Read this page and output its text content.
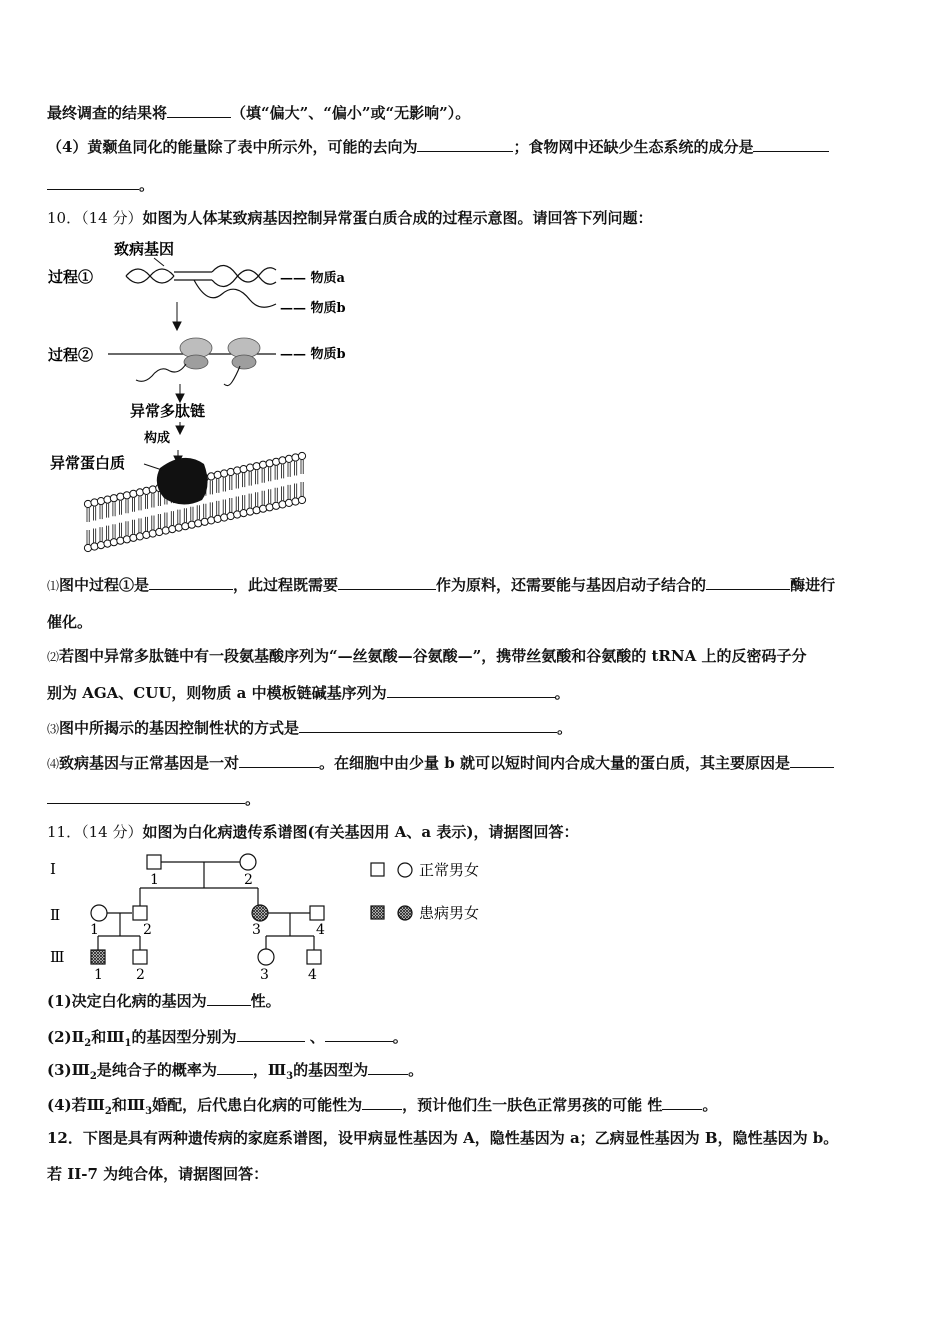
最终调查的结果将	（填“偏大”、“偏小”或“无影响”）。
（4）黄颡鱼同化的能量除了表中所示外，可能的去向为	；食物网中还缺少生态系统的成分是
。
10．（14 分）如图为人体某致病基因控制异常蛋白质合成的过程示意图。请回答下列问题：
致病基因
过程①
过程②
—— 物质a
—— 物质b
—— 物质b
异常多肽链
构成
异常蛋白质
⑴图中过程①是	，此过程既需要	作为原料，还需要能与基因启动子结合的	酶进行
催化。
⑵若图中异常多肽链中有一段氨基酸序列为“—丝氨酸—谷氨酸—”，携带丝氨酸和谷氨酸的 tRNA 上的反密码子分
别为 AGA、CUU，则物质 a 中模板链碱基序列为	。
⑶图中所揭示的基因控制性状的方式是	。
⑷致病基因与正常基因是一对	。在细胞中由少量 b 就可以短时间内合成大量的蛋白质，其主要原因是
。
11．（14 分）如图为白化病遗传系谱图(有关基因用 A、a 表示)，请据图回答：
Ⅰ
Ⅱ
Ⅲ
1	2
1	2	3	4
1 2	3	4
正常男女
患病男女
(1)决定白化病的基因为	性。
$(2)Ⅱ_2$和$Ⅲ_1$的基因型分别为	、	。
$(3)Ⅲ_2$是纯合子的概率为 ，$Ⅲ_3$的基因型为	。
(4)若$Ⅲ_2$和$Ⅲ_3$婚配，后代患白化病的可能性为	，预计他们生一肤色正常男孩的可能 性	。
12．下图是具有两种遗传病的家庭系谱图，设甲病显性基因为 A，隐性基因为 a；乙病显性基因为 B，隐性基因为 b。
若 II-7 为纯合体，请据图回答：
